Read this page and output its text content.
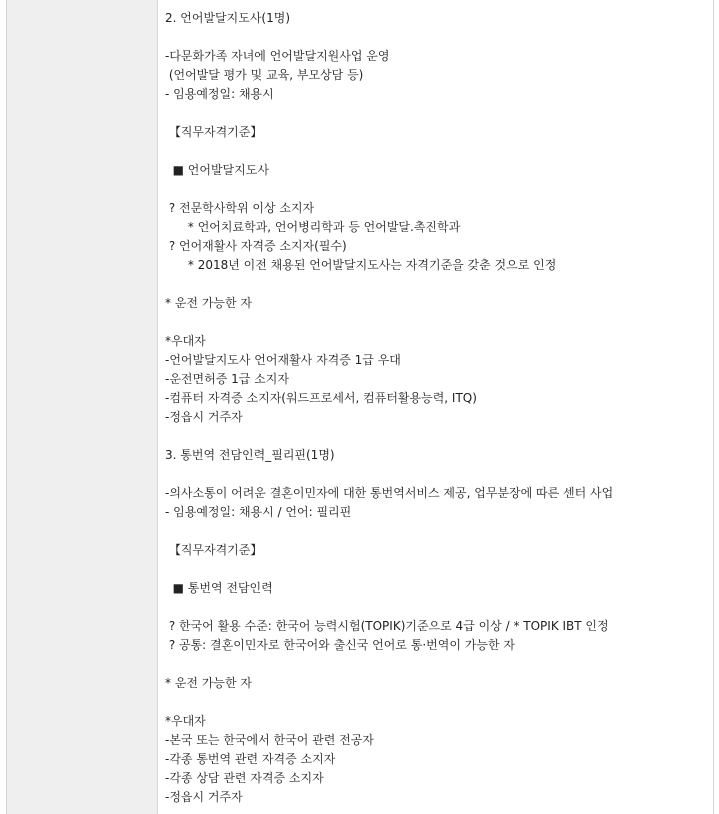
2. 언어발달지도사(1명)
-다문화가족 자녀에 언어발달지원사업 운영
(언어발달 평가 및 교육, 부모상담 등)
- 임용예정일: 채용시
【직무자격기준】
■ 언어발달지도사
? 전문학사학위 이상 소지자
* 언어치료학과, 언어병리학과 등 언어발달.촉진학과
? 언어재활사 자격증 소지자(필수)
* 2018년 이전 채용된 언어발달지도사는 자격기준을 갖춘 것으로 인정
* 운전 가능한 자
*우대자
-언어발달지도사 언어재활사 자격증 1급 우대
-운전면허증 1급 소지자
-컴퓨터 자격증 소지자(워드프로세서, 컴퓨터활용능력, ITQ)
-정읍시 거주자
3. 통번역 전담인력_필리핀(1명)
-의사소통이 어려운 결혼이민자에 대한 통번역서비스 제공, 업무분장에 따른 센터 사업
- 임용예정일: 채용시 / 언어: 필리핀
【직무자격기준】
■ 통번역 전담인력
? 한국어 활용 수준: 한국어 능력시험(TOPIK)기준으로 4급 이상 / * TOPIK IBT 인정
? 공통: 결혼이민자로 한국어와 출신국 언어로 통·번역이 가능한 자
* 운전 가능한 자
*우대자
-본국 또는 한국에서 한국어 관련 전공자
-각종 통번역 관련 자격증 소지자
-각종 상담 관련 자격증 소지자
-정읍시 거주자
